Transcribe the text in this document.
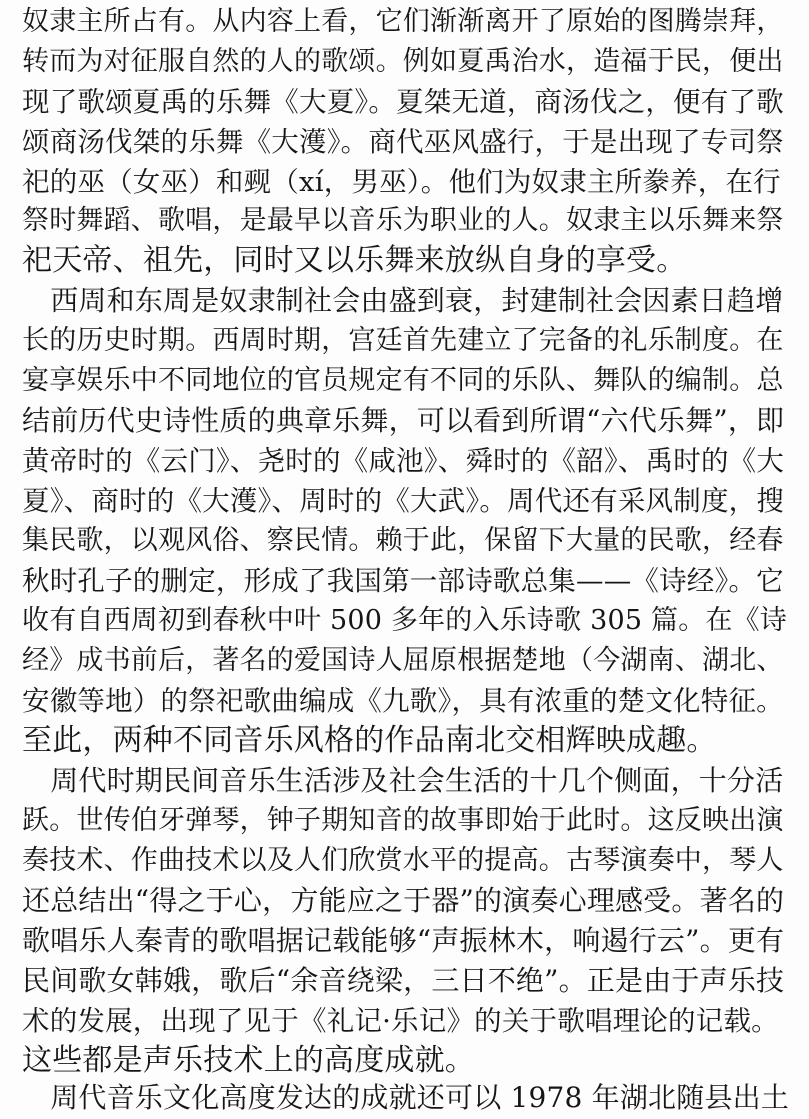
奴隶主所占有。从内容上看，它们渐渐离开了原始的图腾崇拜，
转而为对征服自然的人的歌颂。例如夏禹治水，造福于民，便出
现了歌颂夏禹的乐舞《大夏》。夏桀无道，商汤伐之，便有了歌
颂商汤伐桀的乐舞《大濩》。商代巫风盛行，于是出现了专司祭
祀的巫（女巫）和觋（xí，男巫）。他们为奴隶主所豢养，在行
祭时舞蹈、歌唱，是最早以音乐为职业的人。奴隶主以乐舞来祭
祀天帝、祖先，同时又以乐舞来放纵自身的享受。
　西周和东周是奴隶制社会由盛到衰，封建制社会因素日趋增
长的历史时期。西周时期，宫廷首先建立了完备的礼乐制度。在
宴享娱乐中不同地位的官员规定有不同的乐队、舞队的编制。总
结前历代史诗性质的典章乐舞，可以看到所谓“六代乐舞”，即
黄帝时的《云门》、尧时的《咸池》、舜时的《韶》、禹时的《大
夏》、商时的《大濩》、周时的《大武》。周代还有采风制度，搜
集民歌，以观风俗、察民情。赖于此，保留下大量的民歌，经春
秋时孔子的删定，形成了我国第一部诗歌总集——《诗经》。它
收有自西周初到春秋中叶 500 多年的入乐诗歌 305 篇。在《诗
经》成书前后，著名的爱国诗人屈原根据楚地（今湖南、湖北、
安徽等地）的祭祀歌曲编成《九歌》，具有浓重的楚文化特征。
至此，两种不同音乐风格的作品南北交相辉映成趣。
　周代时期民间音乐生活涉及社会生活的十几个侧面，十分活
跃。世传伯牙弹琴，钟子期知音的故事即始于此时。这反映出演
奏技术、作曲技术以及人们欣赏水平的提高。古琴演奏中，琴人
还总结出“得之于心，方能应之于器”的演奏心理感受。著名的
歌唱乐人秦青的歌唱据记载能够“声振林木，响遏行云”。更有
民间歌女韩娥，歌后“余音绕梁，三日不绝”。正是由于声乐技
术的发展，出现了见于《礼记·乐记》的关于歌唱理论的记载。
这些都是声乐技术上的高度成就。
　周代音乐文化高度发达的成就还可以 1978 年湖北随县出土
